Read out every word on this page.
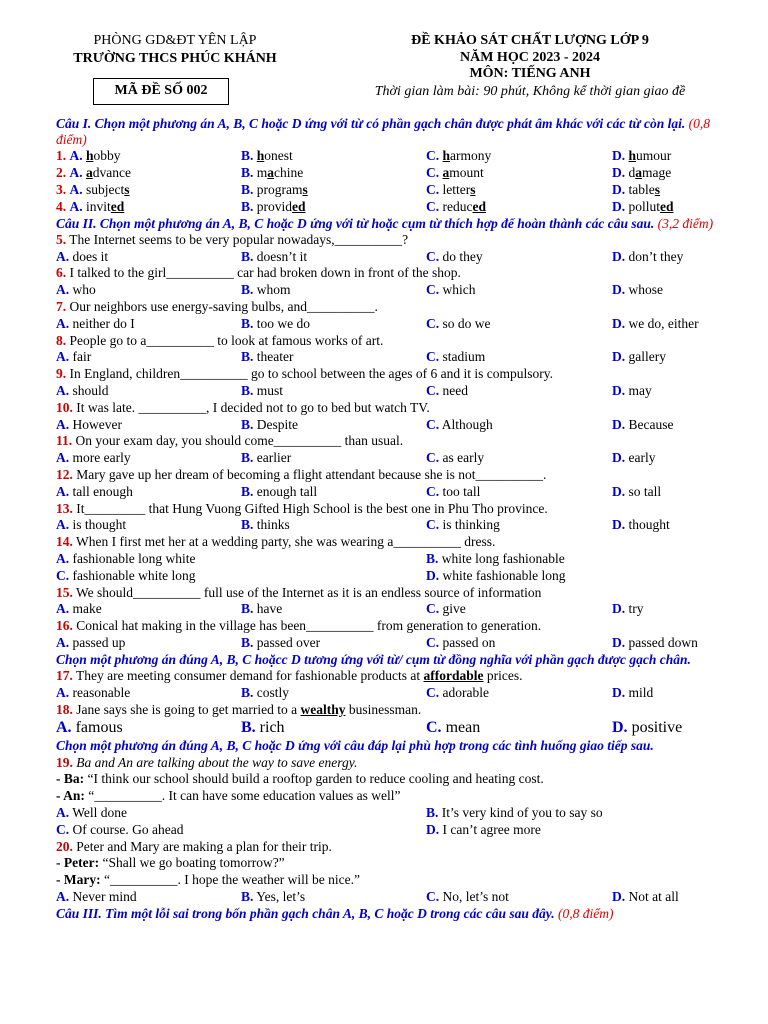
PHÒNG GD&ĐT YÊN LẬP
TRƯỜNG THCS PHÚC KHÁNH
MÃ ĐỀ SỐ 002
ĐỀ KHẢO SÁT CHẤT LƯỢNG LỚP 9
NĂM HỌC 2023 - 2024
MÔN: TIẾNG ANH
Thời gian làm bài: 90 phút, Không kể thời gian giao đề
Câu I. Chọn một phương án A, B, C hoặc D ứng với từ có phần gạch chân được phát âm khác với các từ còn lại. (0,8 điểm)
1. A. hobby	B. honest	C. harmony	D. humour
2. A. advance	B. machine	C. amount	D. damage
3. A. subjects	B. programs	C. letters	D. tables
4. A. invited	B. provided	C. reduced	D. polluted
Câu II. Chọn một phương án A, B, C hoặc D ứng với từ hoặc cụm từ thích hợp để hoàn thành các câu sau. (3,2 điểm)
5. The Internet seems to be very popular nowadays,__________?
A. does it	B. doesn’t it	C. do they	D. don’t they
6. I talked to the girl__________ car had broken down in front of the shop.
A. who	B. whom	C. which	D. whose
7. Our neighbors use energy-saving bulbs, and__________.
A. neither do I	B. too we do	C. so do we	D. we do, either
8. People go to a__________ to look at famous works of art.
A. fair	B. theater	C. stadium	D. gallery
9. In England, children__________ go to school between the ages of 6 and it is compulsory.
A. should	B. must	C. need	D. may
10. It was late. __________, I decided not to go to bed but watch TV.
A. However	B. Despite	C. Although	D. Because
11. On your exam day, you should come__________ than usual.
A. more early	B. earlier	C. as early	D. early
12. Mary gave up her dream of becoming a flight attendant because she is not__________.
A. tall enough	B. enough tall	C. too tall	D. so tall
13. It_________ that Hung Vuong Gifted High School is the best one in Phu Tho province.
A. is thought	B. thinks	C. is thinking	D. thought
14. When I first met her at a wedding party, she was wearing a__________ dress.
A. fashionable long white	B. white long fashionable
C. fashionable white long	D. white fashionable long
15. We should__________ full use of the Internet as it is an endless source of information
A. make	B. have	C. give	D. try
16. Conical hat making in the village has been__________ from generation to generation.
A. passed up	B. passed over	C. passed on	D. passed down
Chọn một phương án đúng A, B, C hoặcc D tương ứng với từ/ cụm từ đồng nghĩa với phần gạch được gạch chân.
17. They are meeting consumer demand for fashionable products at affordable prices.
A. reasonable	B. costly	C. adorable	D. mild
18. Jane says she is going to get married to a wealthy businessman.
A. famous	B. rich	C. mean	D. positive
Chọn một phương án đúng A, B, C hoặc D ứng với câu đáp lại phù hợp trong các tình huống giao tiếp sau.
19. Ba and An are talking about the way to save energy.
- Ba: “I think our school should build a rooftop garden to reduce cooling and heating cost.
- An: “__________. It can have some education values as well”
A. Well done	B. It’s very kind of you to say so
C. Of course. Go ahead	D. I can’t agree more
20. Peter and Mary are making a plan for their trip.
- Peter: “Shall we go boating tomorrow?”
- Mary: “__________. I hope the weather will be nice.”
A. Never mind	B. Yes, let’s	C. No, let’s not	D. Not at all
Câu III. Tìm một lỗi sai trong bốn phần gạch chân A, B, C hoặc D trong các câu sau đây. (0,8 điểm)
